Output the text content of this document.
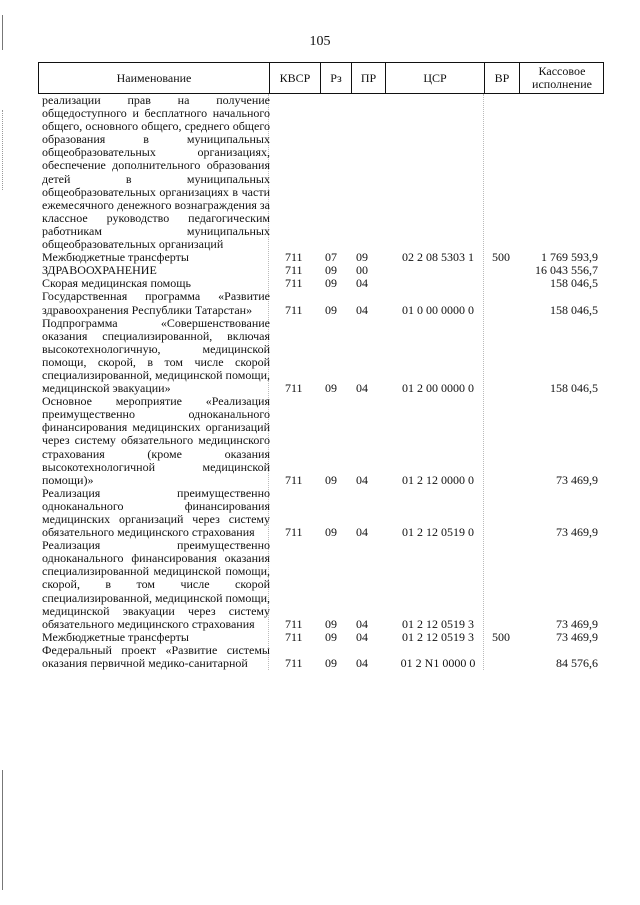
105
Наименование	КВСР	Рз	ПР	ЦСР	ВР	Кассовое исполнение
реализации прав на получение общедоступного и бесплатного начального общего, основного общего, среднего общего образования в муниципальных общеобразовательных организациях, обеспечение дополнительного образования детей в муниципальных общеобразовательных организациях в части ежемесячного денежного вознаграждения за классное руководство педагогическим работникам муниципальных общеобразовательных организаций
Межбюджетные трансферты	711 07 09	02 2 08 5303 1	500	1 769 593,9
ЗДРАВООХРАНЕНИЕ	711 09 00	16 043 556,7
Скорая медицинская помощь	711 09 04	158 046,5
Государственная программа «Развитие здравоохранения Республики Татарстан»	711 09 04	01 0 00 0000 0	158 046,5
Подпрограмма «Совершенствование оказания специализированной, включая высокотехнологичную, медицинской помощи, скорой, в том числе скорой специализированной, медицинской помощи, медицинской эвакуации»	711 09 04	01 2 00 0000 0	158 046,5
Основное мероприятие «Реализация преимущественно одноканального финансирования медицинских организаций через систему обязательного медицинского страхования (кроме оказания высокотехнологичной медицинской помощи)»	711 09 04	01 2 12 0000 0	73 469,9
Реализация преимущественно одноканального финансирования медицинских организаций через систему обязательного медицинского страхования	711 09 04	01 2 12 0519 0	73 469,9
Реализация преимущественно одноканального финансирования оказания специализированной медицинской помощи, скорой, в том числе скорой специализированной, медицинской помощи, медицинской эвакуации через систему обязательного медицинского страхования	711 09 04	01 2 12 0519 3	73 469,9
Межбюджетные трансферты	711 09 04	01 2 12 0519 3	500	73 469,9
Федеральный проект «Развитие системы оказания первичной медико-санитарной	711 09 04	01 2 N1 0000 0	84 576,6
